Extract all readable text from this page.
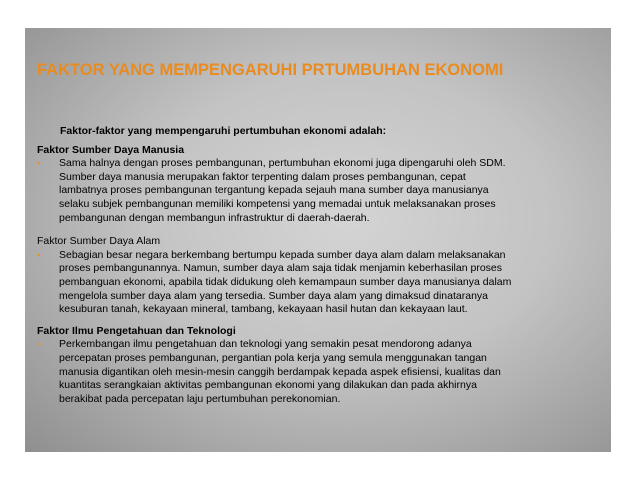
FAKTOR YANG MEMPENGARUHI PRTUMBUHAN EKONOMI
Faktor-faktor yang mempengaruhi pertumbuhan ekonomi adalah:
Faktor Sumber Daya Manusia
▪ Sama halnya dengan proses pembangunan, pertumbuhan ekonomi juga dipengaruhi oleh SDM.
Sumber daya manusia merupakan faktor terpenting dalam proses pembangunan, cepat
lambatnya proses pembangunan tergantung kepada sejauh mana sumber daya manusianya
selaku subjek pembangunan memiliki kompetensi yang memadai untuk melaksanakan proses
pembangunan dengan membangun infrastruktur di daerah-daerah.
Faktor Sumber Daya Alam
▪ Sebagian besar negara berkembang bertumpu kepada sumber daya alam dalam melaksanakan
proses pembangunannya. Namun, sumber daya alam saja tidak menjamin keberhasilan proses
pembanguan ekonomi, apabila tidak didukung oleh kemampaun sumber daya manusianya dalam
mengelola sumber daya alam yang tersedia. Sumber daya alam yang dimaksud dinataranya
kesuburan tanah, kekayaan mineral, tambang, kekayaan hasil hutan dan kekayaan laut.
Faktor Ilmu Pengetahuan dan Teknologi
▪ Perkembangan ilmu pengetahuan dan teknologi yang semakin pesat mendorong adanya
percepatan proses pembangunan, pergantian pola kerja yang semula menggunakan tangan
manusia digantikan oleh mesin-mesin canggih berdampak kepada aspek efisiensi, kualitas dan
kuantitas serangkaian aktivitas pembangunan ekonomi yang dilakukan dan pada akhirnya
berakibat pada percepatan laju pertumbuhan perekonomian.
